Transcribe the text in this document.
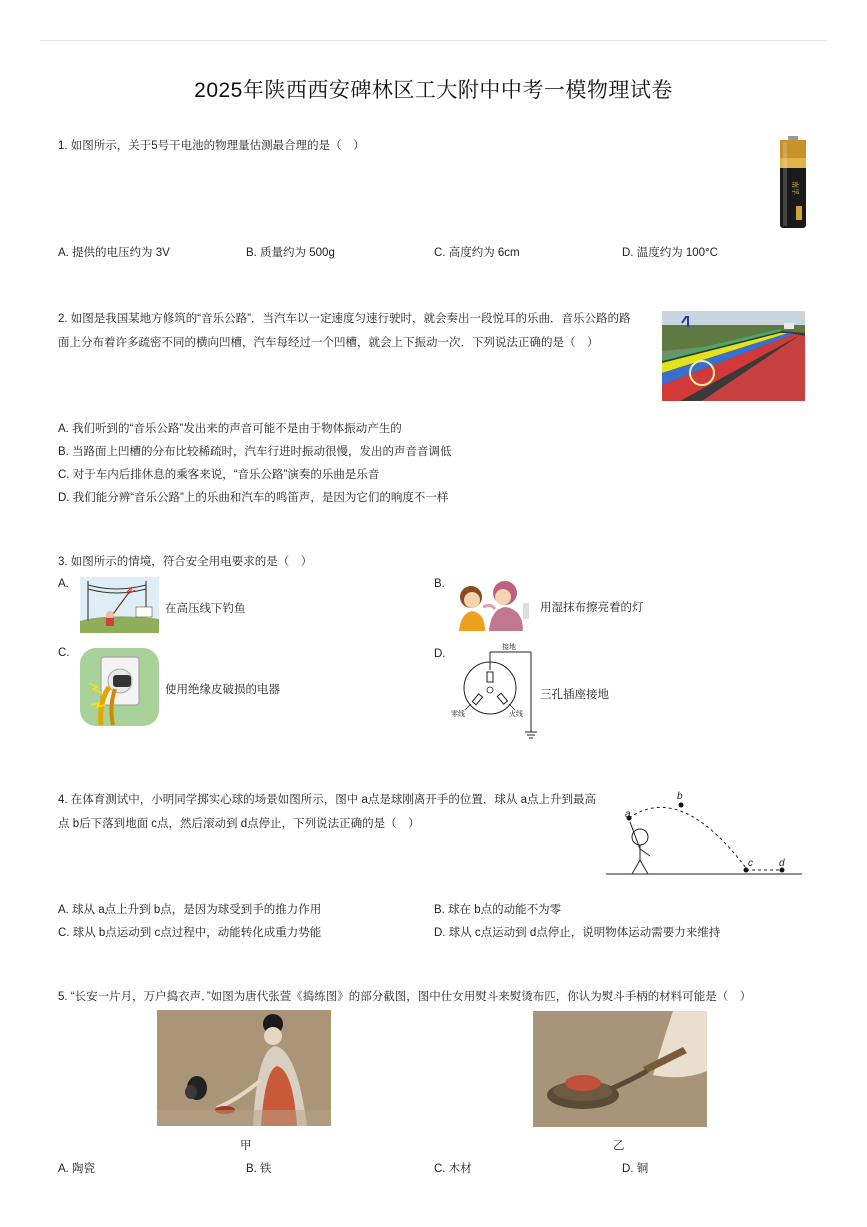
2025年陕西西安碑林区工大附中中考一模物理试卷
1. 如图所示，关于5号干电池的物理量估测最合理的是（　）
南孚
A. 提供的电压约为 3V	B. 质量约为 500g	C. 高度约为 6cm	D. 温度约为 100°C
2. 如图是我国某地方修筑的“音乐公路”．当汽车以一定速度匀速行驶时，就会奏出一段悦耳的乐曲．音乐公路的路
面上分布着许多疏密不同的横向凹槽，汽车每经过一个凹槽，就会上下振动一次．下列说法正确的是（　）
A. 我们听到的“音乐公路”发出来的声音可能不是由于物体振动产生的
B. 当路面上凹槽的分布比较稀疏时，汽车行进时振动很慢，发出的声音音调低
C. 对于车内后排休息的乘客来说，“音乐公路”演奏的乐曲是乐音
D. 我们能分辨“音乐公路”上的乐曲和汽车的鸣笛声，是因为它们的响度不一样
3. 如图所示的情境，符合安全用电要求的是（　）
A.
在高压线下钓鱼
B.
用湿抹布擦亮着的灯
C.
使用绝缘皮破损的电器
D.
接地
零线	火线
三孔插座接地
4. 在体育测试中，小明同学掷实心球的场景如图所示，图中 a点是球刚离开手的位置．球从 a点上升到最高
点 b后下落到地面 c点，然后滚动到 d点停止，下列说法正确的是（　）
a
b
c	d
A. 球从 a点上升到 b点，是因为球受到手的推力作用	B. 球在 b点的动能不为零
C. 球从 b点运动到 c点过程中，动能转化成重力势能	D. 球从 c点运动到 d点停止，说明物体运动需要力来维持
5. “长安一片月，万户捣衣声．”如图为唐代张萱《捣练图》的部分截图，图中仕女用熨斗来熨烫布匹，你认为熨斗手柄的材料可能是（　）
甲	乙
A. 陶瓷	B. 铁	C. 木材	D. 铜
